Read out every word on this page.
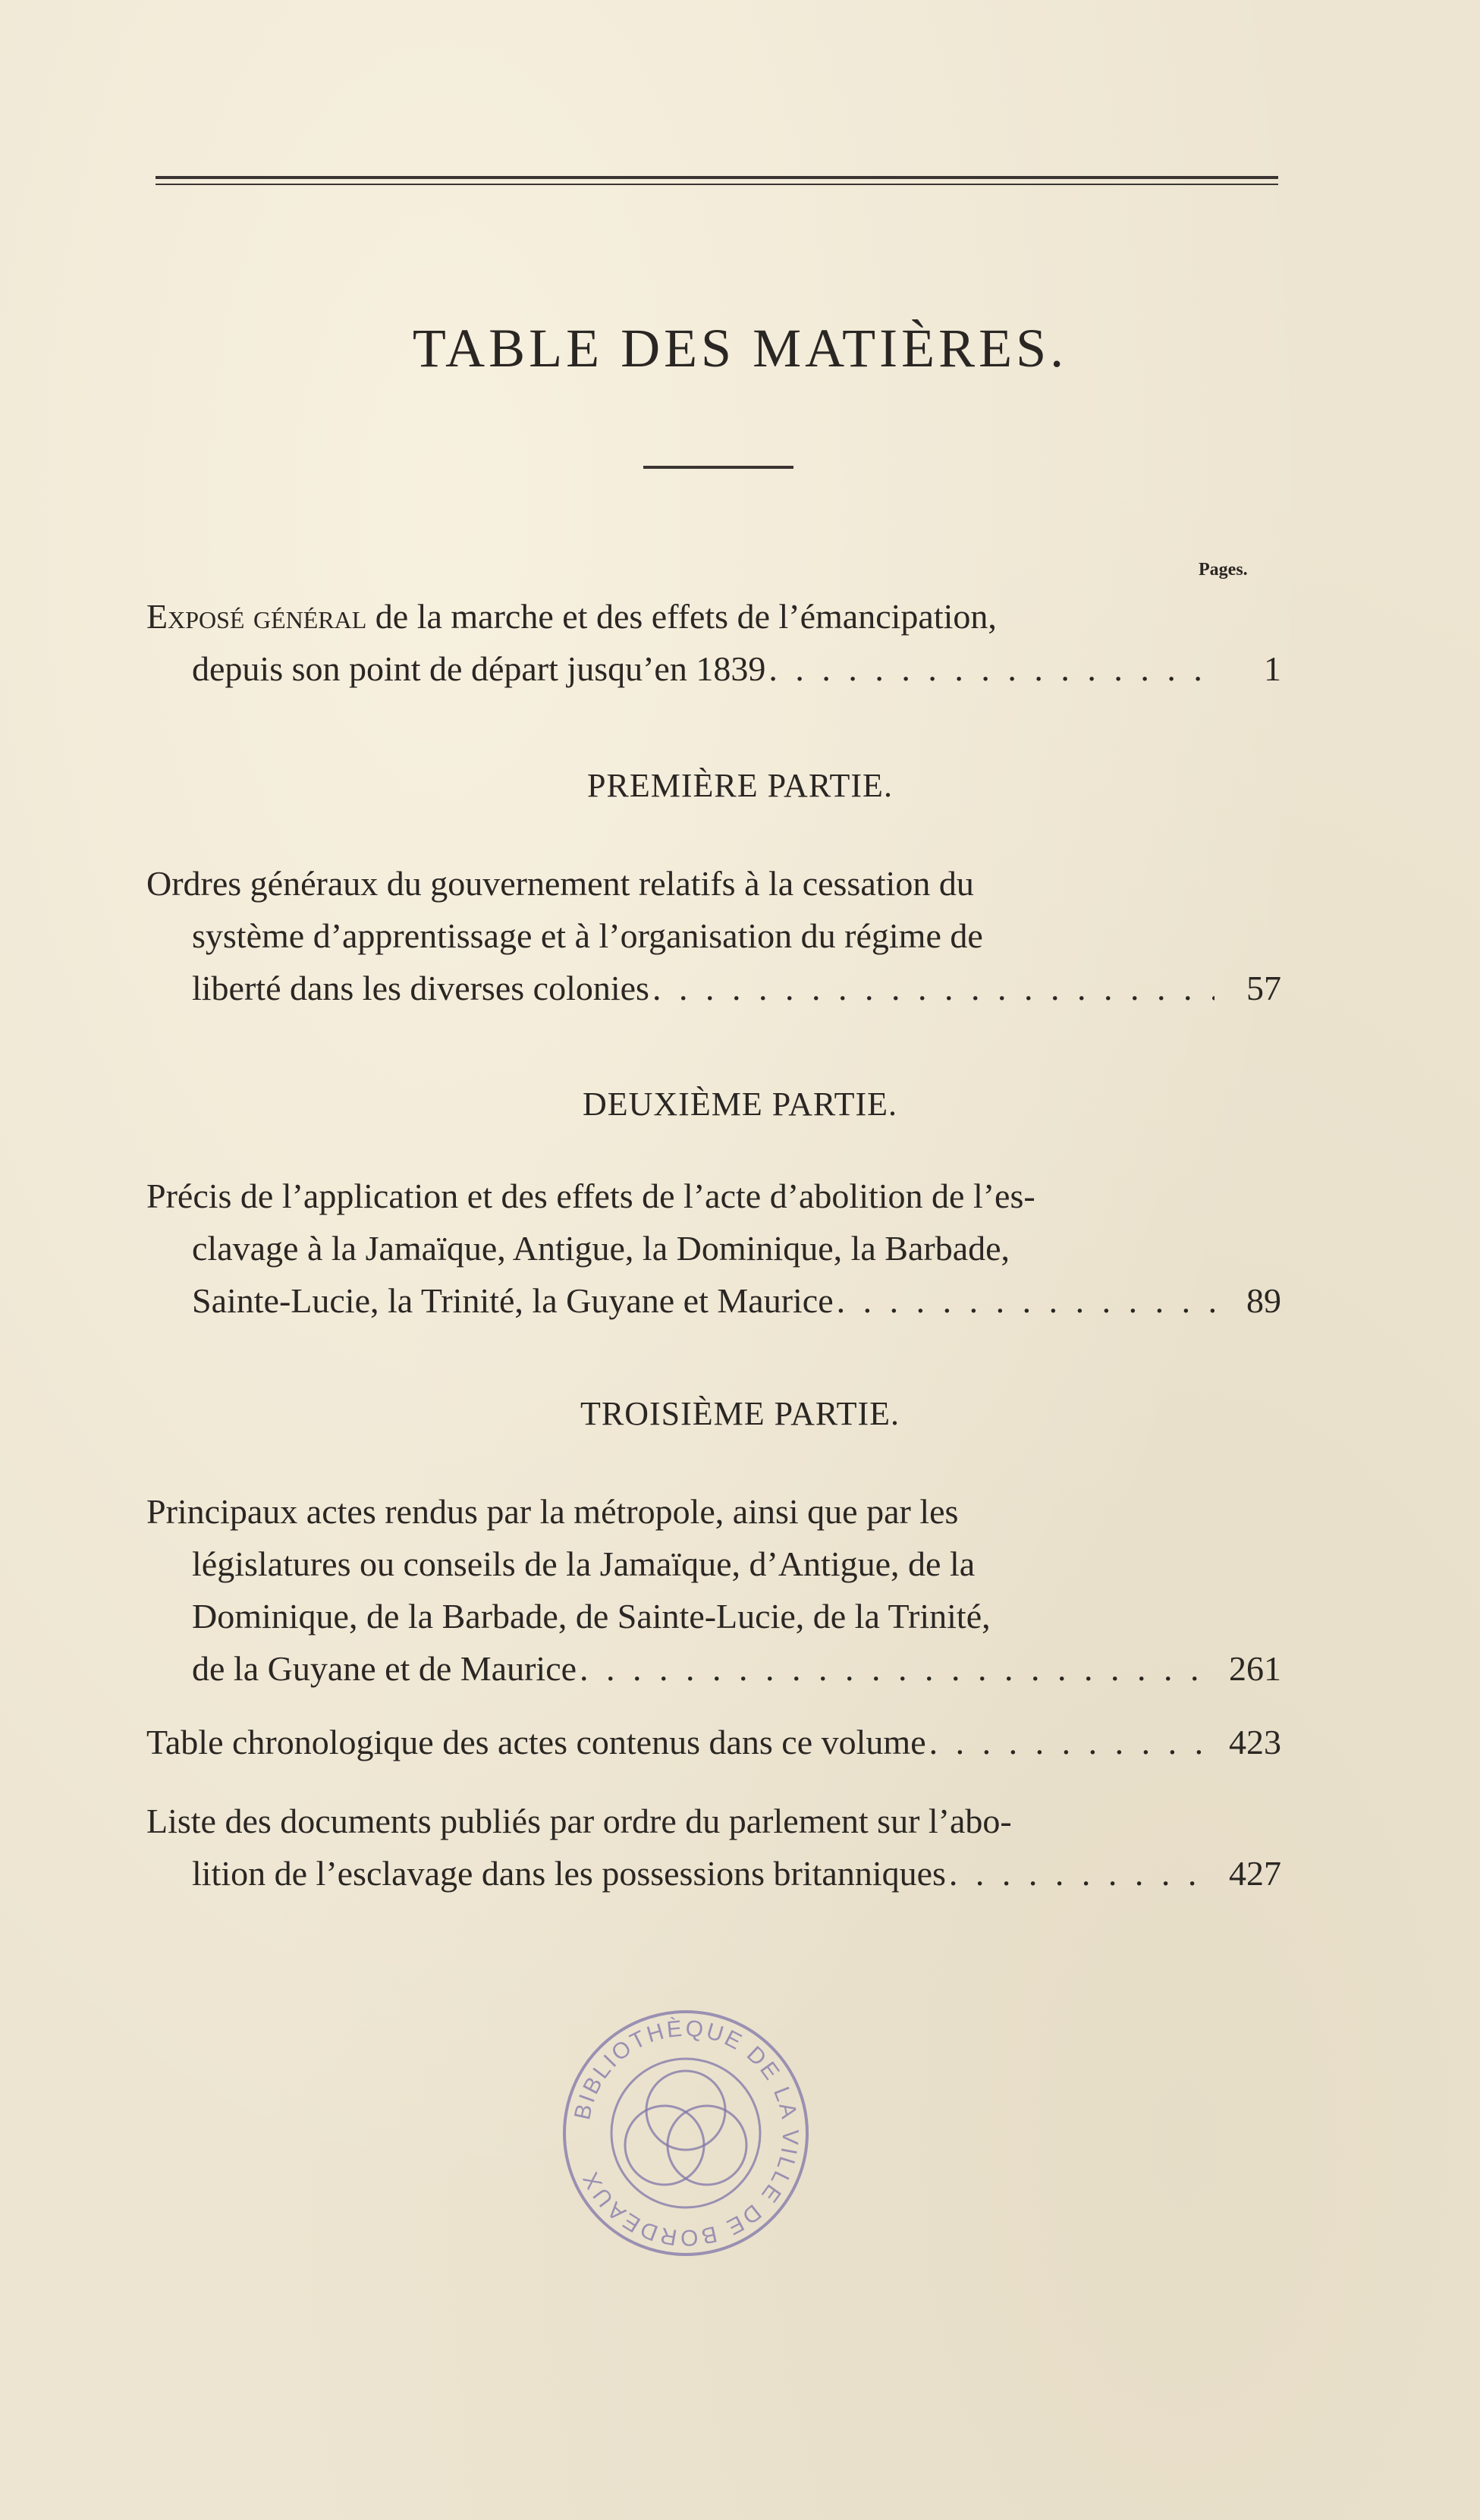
TABLE DES MATIÈRES.
Pages.
Exposé général de la marche et des effets de l’émancipation,
depuis son point de départ jusqu’en 1839 . . .	1
PREMIÈRE PARTIE.
Ordres généraux du gouvernement relatifs à la cessation du
système d’apprentissage et à l’organisation du régime de
liberté dans les diverses colonies . . .	57
DEUXIÈME PARTIE.
Précis de l’application et des effets de l’acte d’abolition de l’es-
clavage à la Jamaïque, Antigue, la Dominique, la Barbade,
Sainte-Lucie, la Trinité, la Guyane et Maurice . . .	89
TROISIÈME PARTIE.
Principaux actes rendus par la métropole, ainsi que par les
législatures ou conseils de la Jamaïque, d’Antigue, de la
Dominique, de la Barbade, de Sainte-Lucie, de la Trinité,
de la Guyane et de Maurice . . .	261
Table chronologique des actes contenus dans ce volume . . .	423
Liste des documents publiés par ordre du parlement sur l’abo-
lition de l’esclavage dans les possessions britanniques . . .	427
BIBLIOTHÈQUE DE LA VILLE DE BORDEAUX
